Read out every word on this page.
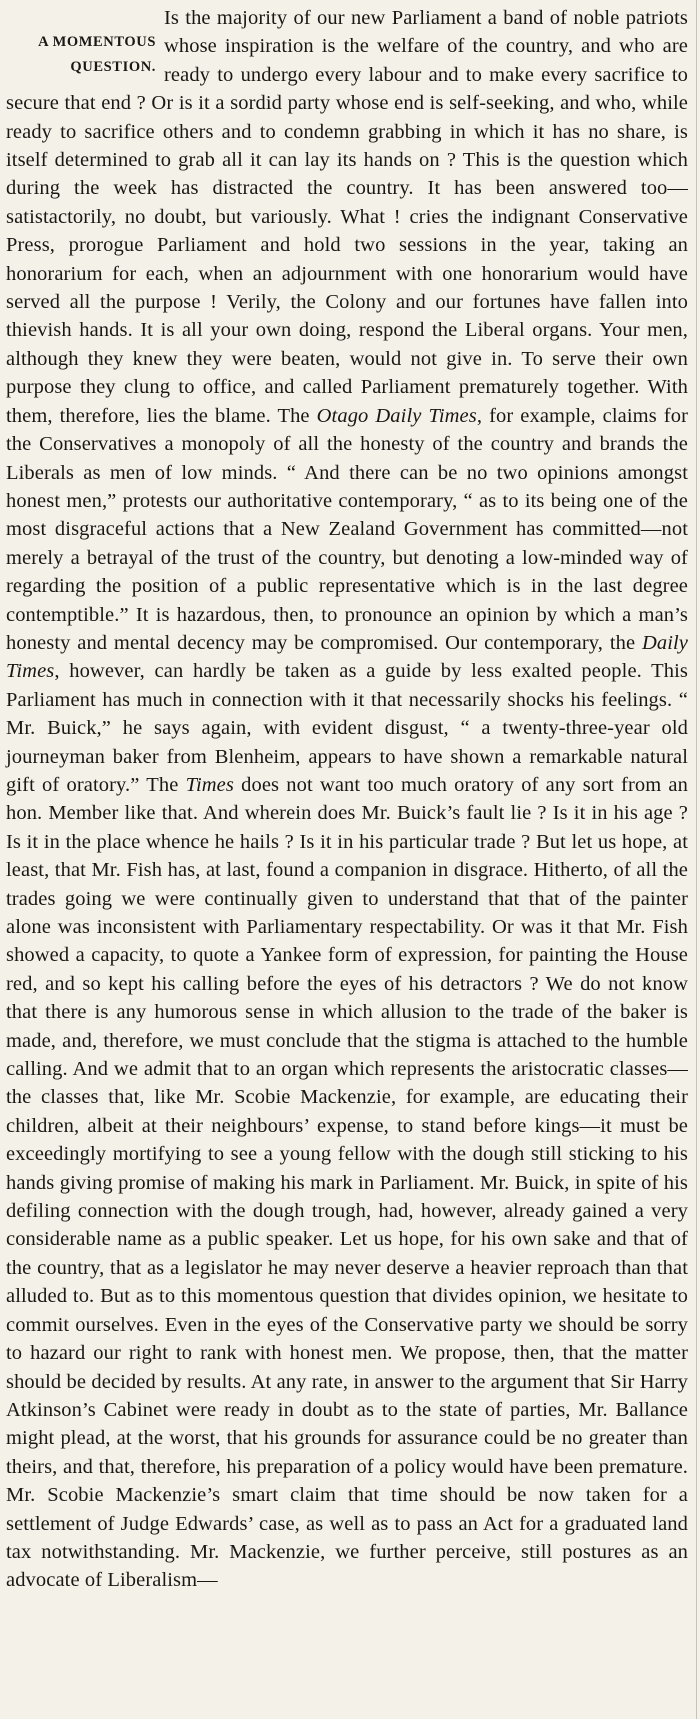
A MOMENTOUS
QUESTION.

Is the majority of our new Parliament a band of noble patriots whose inspiration is the welfare of the country, and who are ready to undergo every labour and to make every sacrifice to secure that end ? Or is it a sordid party whose end is self-seeking, and who, while ready to sacrifice others and to condemn grabbing in which it has no share, is itself determined to grab all it can lay its hands on ? This is the question which during the week has distracted the country. It has been answered too—satistactorily, no doubt, but variously. What ! cries the indignant Conservative Press, prorogue Parliament and hold two sessions in the year, taking an honorarium for each, when an adjournment with one honorarium would have served all the purpose ! Verily, the Colony and our fortunes have fallen into thievish hands. It is all your own doing, respond the Liberal organs. Your men, although they knew they were beaten, would not give in. To serve their own purpose they clung to office, and called Parliament prematurely together. With them, therefore, lies the blame. The Otago Daily Times, for example, claims for the Conservatives a monopoly of all the honesty of the country and brands the Liberals as men of low minds. “ And there can be no two opinions amongst honest men,” protests our authoritative contemporary, “ as to its being one of the most disgraceful actions that a New Zealand Government has committed—not merely a betrayal of the trust of the country, but denoting a low-minded way of regarding the position of a public representative which is in the last degree contemptible.” It is hazardous, then, to pronounce an opinion by which a man’s honesty and mental decency may be compromised. Our contemporary, the Daily Times, however, can hardly be taken as a guide by less exalted people. This Parliament has much in connection with it that necessarily shocks his feelings. “ Mr. Buick,” he says again, with evident disgust, “ a twenty-three-year old journeyman baker from Blenheim, appears to have shown a remarkable natural gift of oratory.” The Times does not want too much oratory of any sort from an hon. Member like that. And wherein does Mr. Buick’s fault lie ? Is it in his age ? Is it in the place whence he hails ? Is it in his particular trade ? But let us hope, at least, that Mr. Fish has, at last, found a companion in disgrace. Hitherto, of all the trades going we were continually given to understand that that of the painter alone was inconsistent with Parliamentary respectability. Or was it that Mr. Fish showed a capacity, to quote a Yankee form of expression, for painting the House red, and so kept his calling before the eyes of his detractors ? We do not know that there is any humorous sense in which allusion to the trade of the baker is made, and, therefore, we must conclude that the stigma is attached to the humble calling. And we admit that to an organ which represents the aristocratic classes—the classes that, like Mr. Scobie Mackenzie, for example, are educating their children, albeit at their neighbours’ expense, to stand before kings—it must be exceedingly mortifying to see a young fellow with the dough still sticking to his hands giving promise of making his mark in Parliament. Mr. Buick, in spite of his defiling connection with the dough trough, had, however, already gained a very considerable name as a public speaker. Let us hope, for his own sake and that of the country, that as a legislator he may never deserve a heavier reproach than that alluded to. But as to this momentous question that divides opinion, we hesitate to commit ourselves. Even in the eyes of the Conservative party we should be sorry to hazard our right to rank with honest men. We propose, then, that the matter should be decided by results. At any rate, in answer to the argument that Sir Harry Atkinson’s Cabinet were ready in doubt as to the state of parties, Mr. Ballance might plead, at the worst, that his grounds for assurance could be no greater than theirs, and that, therefore, his preparation of a policy would have been premature. Mr. Scobie Mackenzie’s smart claim that time should be now taken for a settlement of Judge Edwards’ case, as well as to pass an Act for a graduated land tax notwithstanding. Mr. Mackenzie, we further perceive, still postures as an advocate of Liberalism—
